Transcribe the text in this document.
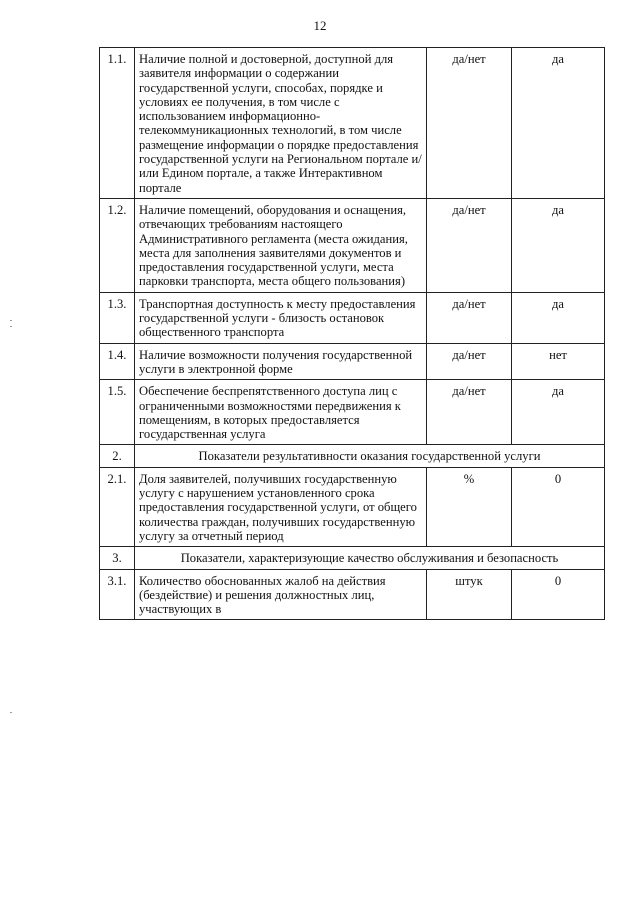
12
1.1.	Наличие полной и достоверной, доступной для заявителя информации о содержании государственной услуги, способах, порядке и условиях ее получения, в том числе с использованием информационно-телекоммуникационных технологий, в том числе размещение информации о порядке предоставления государственной услуги на Региональном портале и/или Едином портале, а также Интерактивном портале	да/нет	да
1.2.	Наличие помещений, оборудования и оснащения, отвечающих требованиям настоящего Административного регламента (места ожидания, места для заполнения заявителями документов и предоставления государственной услуги, места парковки транспорта, места общего пользования)	да/нет	да
1.3.	Транспортная доступность к месту предоставления государственной услуги - близость остановок общественного транспорта	да/нет	да
1.4.	Наличие возможности получения государственной услуги в электронной форме	да/нет	нет
1.5.	Обеспечение беспрепятственного доступа лиц с ограниченными возможностями передвижения к помещениям, в которых предоставляется государственная услуга	да/нет	да
2.	Показатели результативности оказания государственной услуги		
2.1.	Доля заявителей, получивших государственную услугу с нарушением установленного срока предоставления государственной услуги, от общего количества граждан, получивших государственную услугу за отчетный период	%	0
3.	Показатели, характеризующие качество обслуживания и безопасность		
3.1.	Количество обоснованных жалоб на действия (бездействие) и решения должностных лиц, участвующих в	штук	0
